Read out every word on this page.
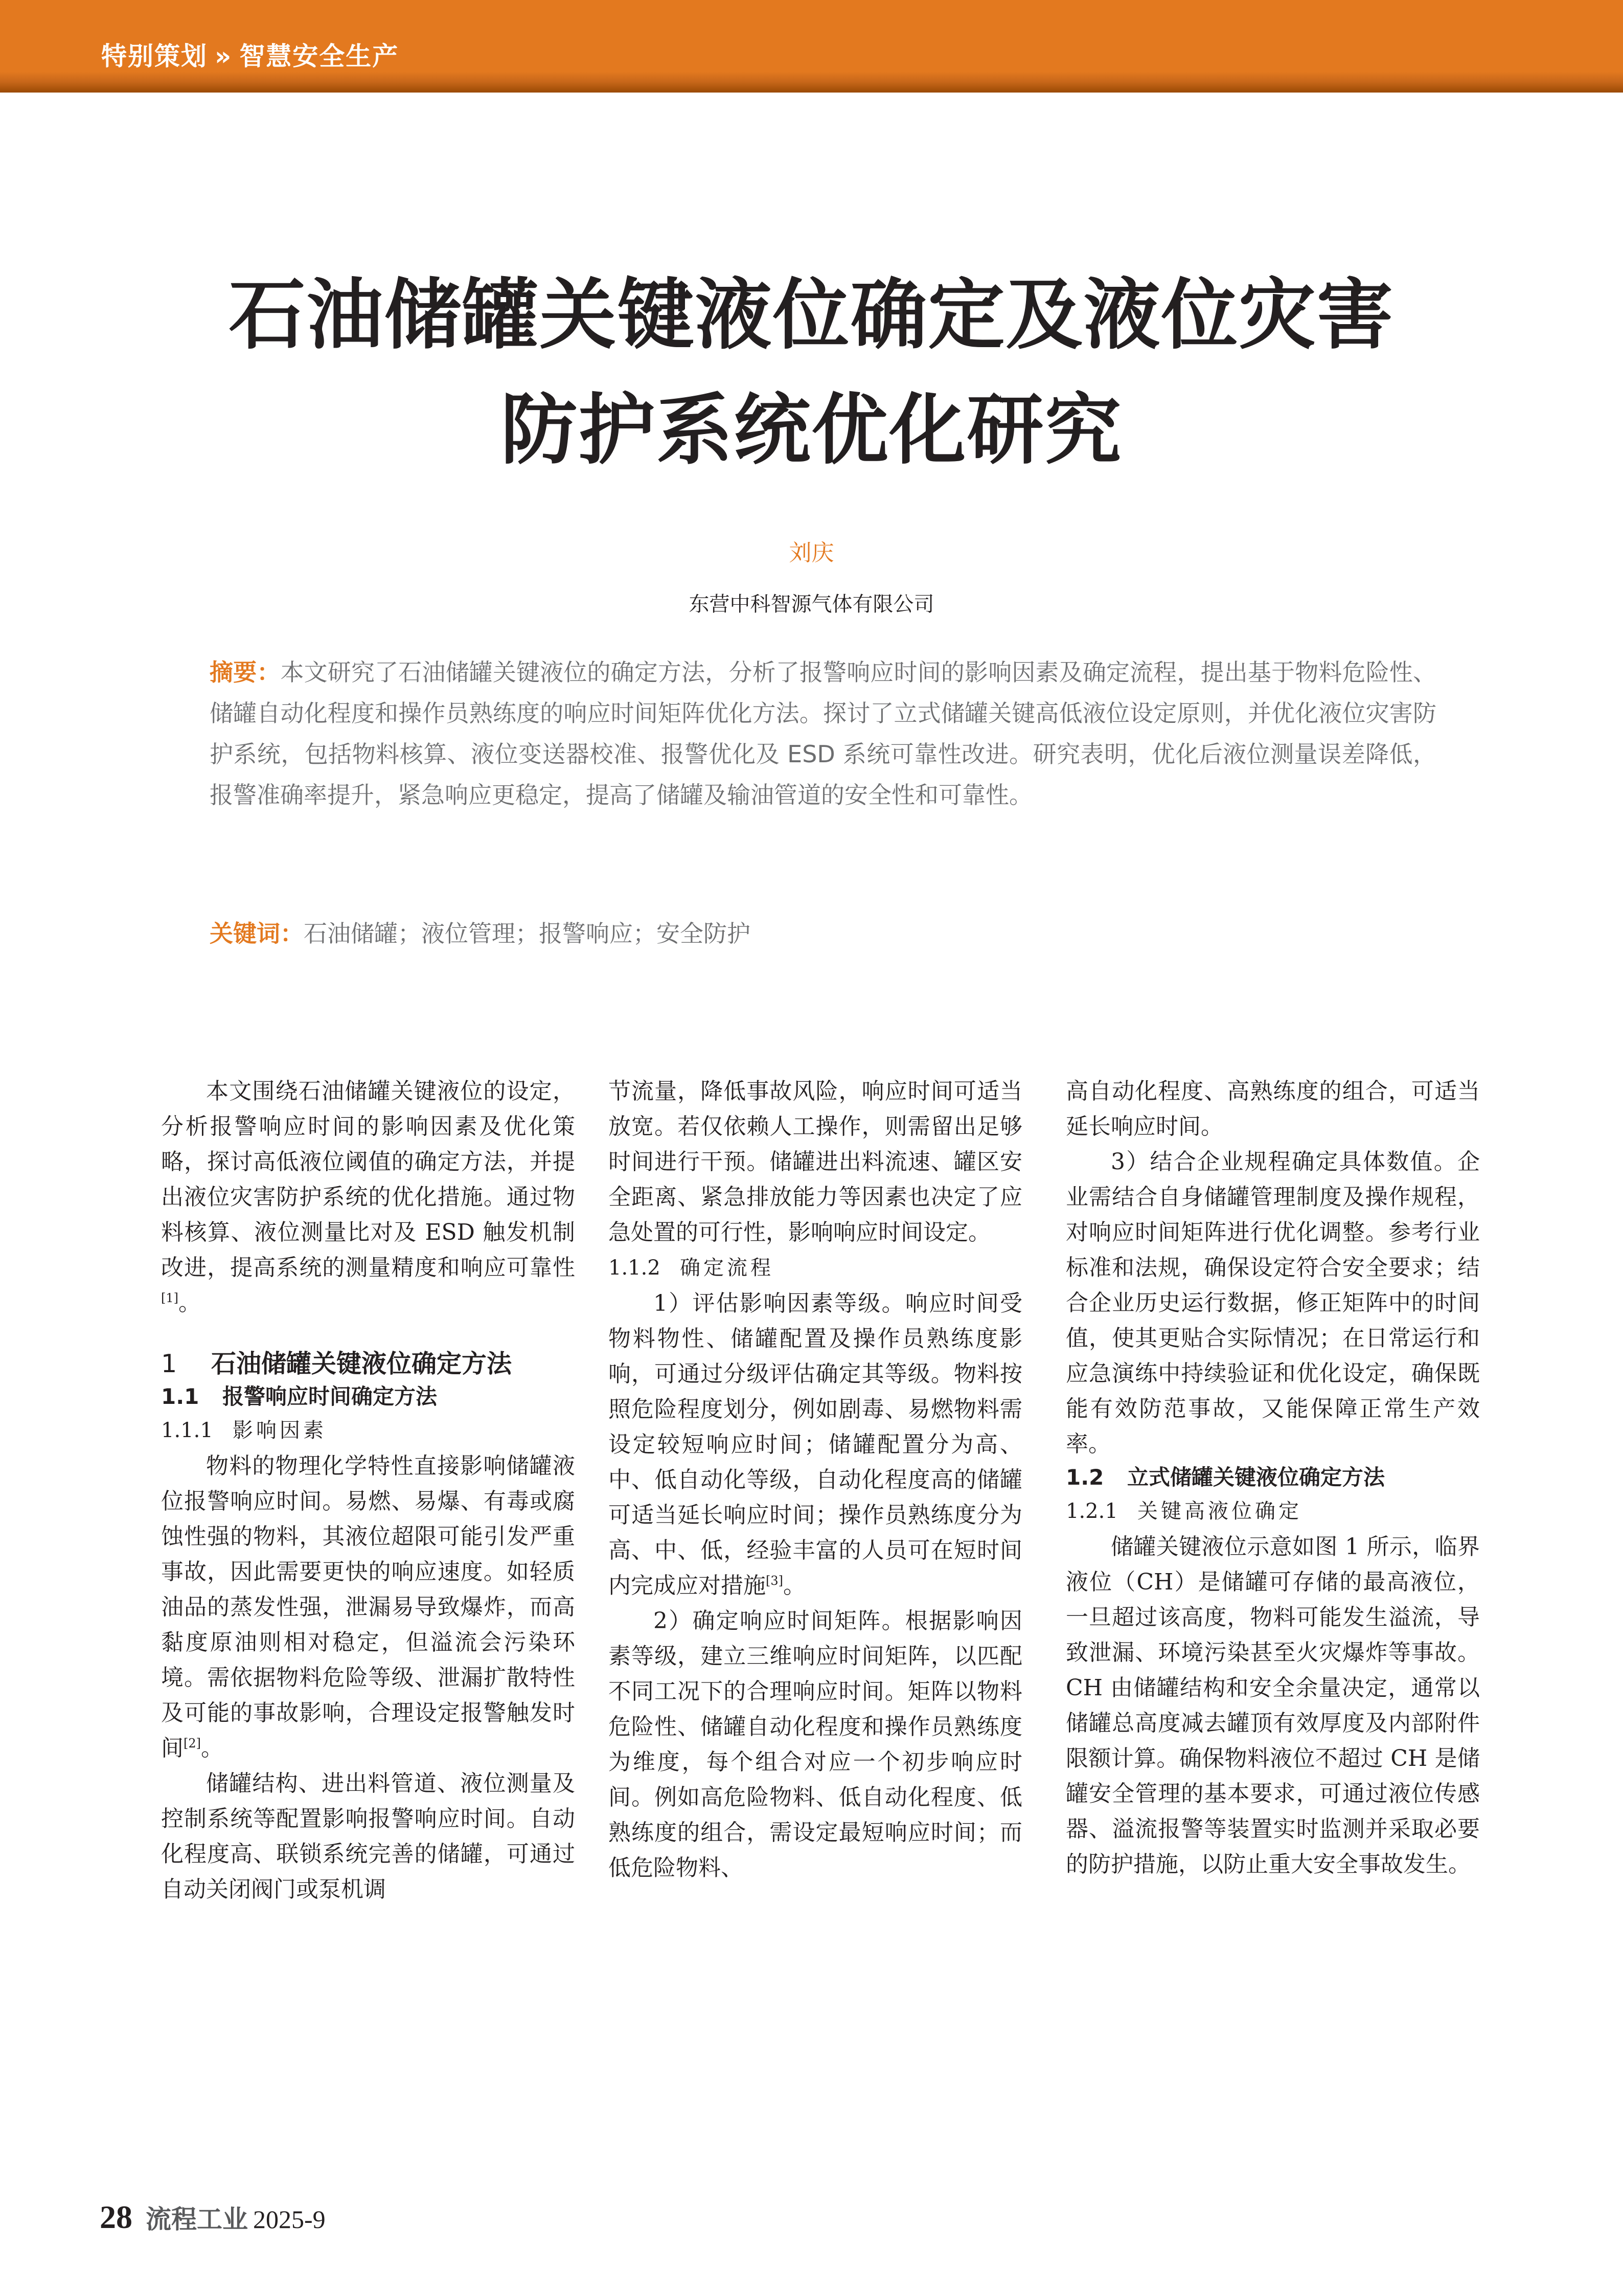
特别策划 » 智慧安全生产
石油储罐关键液位确定及液位灾害
防护系统优化研究
刘庆
东营中科智源气体有限公司
摘要：本文研究了石油储罐关键液位的确定方法，分析了报警响应时间的影响因素及确定流程，提出基于物料危险性、储罐自动化程度和操作员熟练度的响应时间矩阵优化方法。探讨了立式储罐关键高低液位设定原则，并优化液位灾害防护系统，包括物料核算、液位变送器校准、报警优化及 ESD 系统可靠性改进。研究表明，优化后液位测量误差降低，报警准确率提升，紧急响应更稳定，提高了储罐及输油管道的安全性和可靠性。
关键词：石油储罐；液位管理；报警响应；安全防护

本文围绕石油储罐关键液位的设定，分析报警响应时间的影响因素及优化策略，探讨高低液位阈值的确定方法，并提出液位灾害防护系统的优化措施。通过物料核算、液位测量比对及 ESD 触发机制改进，提高系统的测量精度和响应可靠性[1]。

1 石油储罐关键液位确定方法
1.1 报警响应时间确定方法
1.1.1 影响因素

物料的物理化学特性直接影响储罐液位报警响应时间。易燃、易爆、有毒或腐蚀性强的物料，其液位超限可能引发严重事故，因此需要更快的响应速度。如轻质油品的蒸发性强，泄漏易导致爆炸，而高黏度原油则相对稳定，但溢流会污染环境。需依据物料危险等级、泄漏扩散特性及可能的事故影响，合理设定报警触发时间[2]。

储罐结构、进出料管道、液位测量及控制系统等配置影响报警响应时间。自动化程度高、联锁系统完善的储罐，可通过自动关闭阀门或泵机调

节流量，降低事故风险，响应时间可适当放宽。若仅依赖人工操作，则需留出足够时间进行干预。储罐进出料流速、罐区安全距离、紧急排放能力等因素也决定了应急处置的可行性，影响响应时间设定。

1.1.2 确定流程

1）评估影响因素等级。响应时间受物料物性、储罐配置及操作员熟练度影响，可通过分级评估确定其等级。物料按照危险程度划分，例如剧毒、易燃物料需设定较短响应时间；储罐配置分为高、中、低自动化等级，自动化程度高的储罐可适当延长响应时间；操作员熟练度分为高、中、低，经验丰富的人员可在短时间内完成应对措施[3]。

2）确定响应时间矩阵。根据影响因素等级，建立三维响应时间矩阵，以匹配不同工况下的合理响应时间。矩阵以物料危险性、储罐自动化程度和操作员熟练度为维度，每个组合对应一个初步响应时间。例如高危险物料、低自动化程度、低熟练度的组合，需设定最短响应时间；而低危险物料、

高自动化程度、高熟练度的组合，可适当延长响应时间。

3）结合企业规程确定具体数值。企业需结合自身储罐管理制度及操作规程，对响应时间矩阵进行优化调整。参考行业标准和法规，确保设定符合安全要求；结合企业历史运行数据，修正矩阵中的时间值，使其更贴合实际情况；在日常运行和应急演练中持续验证和优化设定，确保既能有效防范事故，又能保障正常生产效率。

1.2 立式储罐关键液位确定方法
1.2.1 关键高液位确定

储罐关键液位示意如图 1 所示，临界液位（CH）是储罐可存储的最高液位，一旦超过该高度，物料可能发生溢流，导致泄漏、环境污染甚至火灾爆炸等事故。CH 由储罐结构和安全余量决定，通常以储罐总高度减去罐顶有效厚度及内部附件限额计算。确保物料液位不超过 CH 是储罐安全管理的基本要求，可通过液位传感器、溢流报警等装置实时监测并采取必要的防护措施，以防止重大安全事故发生。

28 流程工业 2025-9
